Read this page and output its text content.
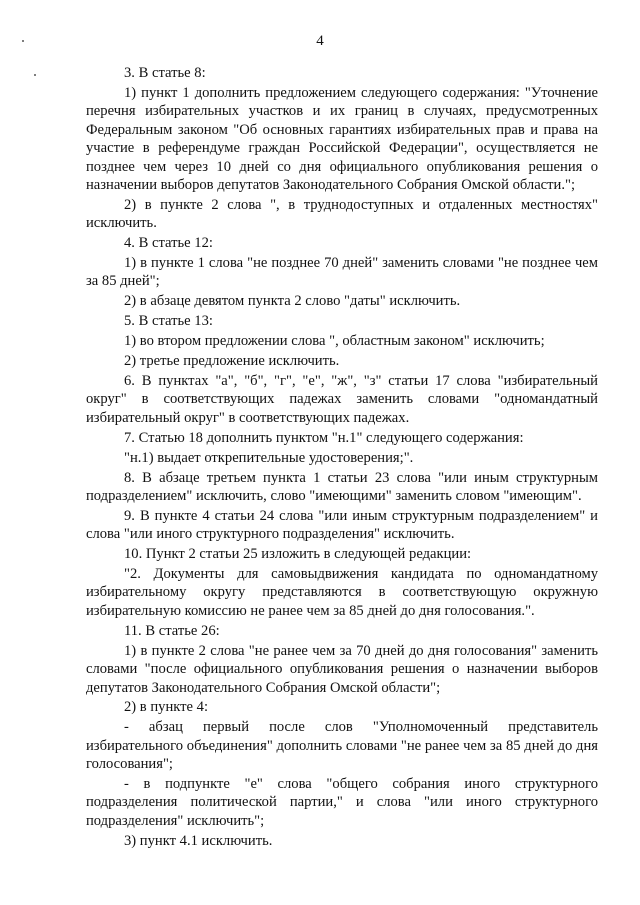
4

3. В статье 8:

1) пункт 1 дополнить предложением следующего содержания: "Уточнение перечня избирательных участков и их границ в случаях, предусмотренных Федеральным законом "Об основных гарантиях избирательных прав и права на участие в референдуме граждан Российской Федерации", осуществляется не позднее чем через 10 дней со дня официального опубликования решения о назначении выборов депутатов Законодательного Собрания Омской области.";

2) в пункте 2 слова ", в труднодоступных и отдаленных местностях" исключить.

4. В статье 12:

1) в пункте 1 слова "не позднее 70 дней" заменить словами "не позднее чем за 85 дней";

2) в абзаце девятом пункта 2 слово "даты" исключить.

5. В статье 13:

1) во втором предложении слова ", областным законом" исключить;

2) третье предложение исключить.

6. В пунктах "а", "б", "г", "е", "ж", "з" статьи 17 слова "избирательный округ" в соответствующих падежах заменить словами "одномандатный избирательный округ" в соответствующих падежах.

7. Статью 18 дополнить пунктом "н.1" следующего содержания:

"н.1) выдает открепительные удостоверения;".

8. В абзаце третьем пункта 1 статьи 23 слова "или иным структурным подразделением" исключить, слово "имеющими" заменить словом "имеющим".

9. В пункте 4 статьи 24 слова "или иным структурным подразделением" и слова "или иного структурного подразделения" исключить.

10. Пункт 2 статьи 25 изложить в следующей редакции:

"2. Документы для самовыдвижения кандидата по одномандатному избирательному округу представляются в соответствующую окружную избирательную комиссию не ранее чем за 85 дней до дня голосования.".

11. В статье 26:

1) в пункте 2 слова "не ранее чем за 70 дней до дня голосования" заменить словами "после официального опубликования решения о назначении выборов депутатов Законодательного Собрания Омской области";

2) в пункте 4:

- абзац первый после слов "Уполномоченный представитель избирательного объединения" дополнить словами "не ранее чем за 85 дней до дня голосования";

- в подпункте "е" слова "общего собрания иного структурного подразделения политической партии," и слова "или иного структурного подразделения" исключить";

3) пункт 4.1 исключить.
